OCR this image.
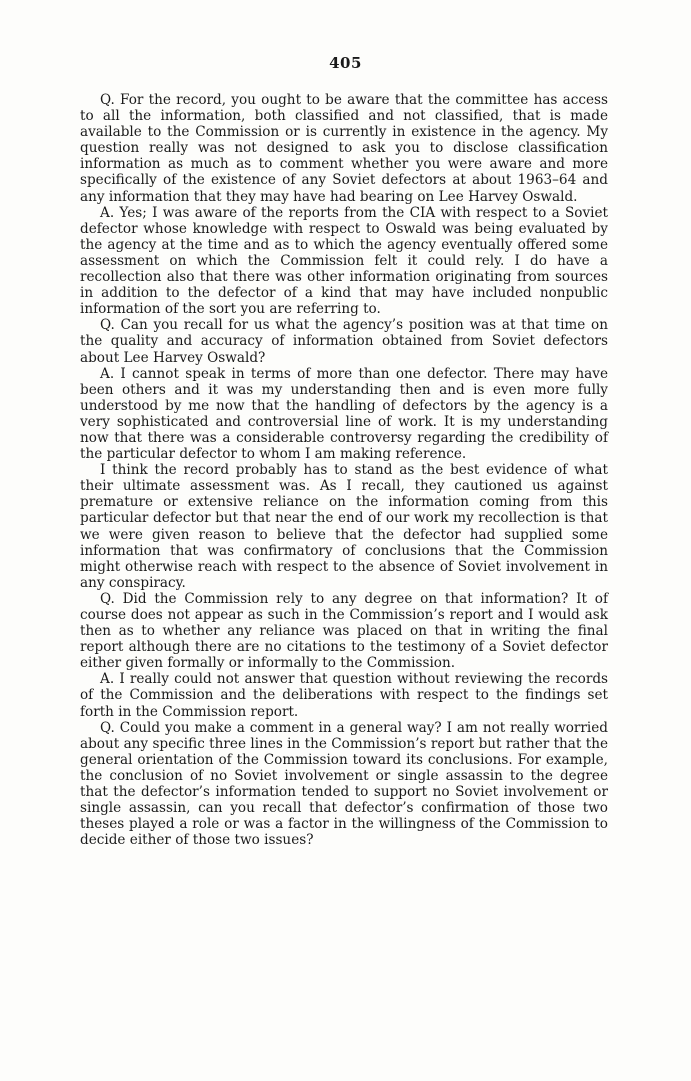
405

Q. For the record, you ought to be aware that the committee has access to all the information, both classified and not classified, that is made available to the Commission or is currently in existence in the agency. My question really was not designed to ask you to disclose classification information as much as to comment whether you were aware and more specifically of the existence of any Soviet defectors at about 1963–64 and any information that they may have had bearing on Lee Harvey Oswald.

A. Yes; I was aware of the reports from the CIA with respect to a Soviet defector whose knowledge with respect to Oswald was being evaluated by the agency at the time and as to which the agency eventually offered some assessment on which the Commission felt it could rely. I do have a recollection also that there was other information originating from sources in addition to the defector of a kind that may have included nonpublic information of the sort you are referring to.

Q. Can you recall for us what the agency’s position was at that time on the quality and accuracy of information obtained from Soviet defectors about Lee Harvey Oswald?

A. I cannot speak in terms of more than one defector. There may have been others and it was my understanding then and is even more fully understood by me now that the handling of defectors by the agency is a very sophisticated and controversial line of work. It is my understanding now that there was a considerable controversy regarding the credibility of the particular defector to whom I am making reference.

I think the record probably has to stand as the best evidence of what their ultimate assessment was. As I recall, they cautioned us against premature or extensive reliance on the information coming from this particular defector but that near the end of our work my recollection is that we were given reason to believe that the defector had supplied some information that was confirmatory of conclusions that the Commission might otherwise reach with respect to the absence of Soviet involvement in any conspiracy.

Q. Did the Commission rely to any degree on that information? It of course does not appear as such in the Commission’s report and I would ask then as to whether any reliance was placed on that in writing the final report although there are no citations to the testimony of a Soviet defector either given formally or informally to the Commission.

A. I really could not answer that question without reviewing the records of the Commission and the deliberations with respect to the findings set forth in the Commission report.

Q. Could you make a comment in a general way? I am not really worried about any specific three lines in the Commission’s report but rather that the general orientation of the Commission toward its conclusions. For example, the conclusion of no Soviet involvement or single assassin to the degree that the defector’s information tended to support no Soviet involvement or single assassin, can you recall that defector’s confirmation of those two theses played a role or was a factor in the willingness of the Commission to decide either of those two issues?
